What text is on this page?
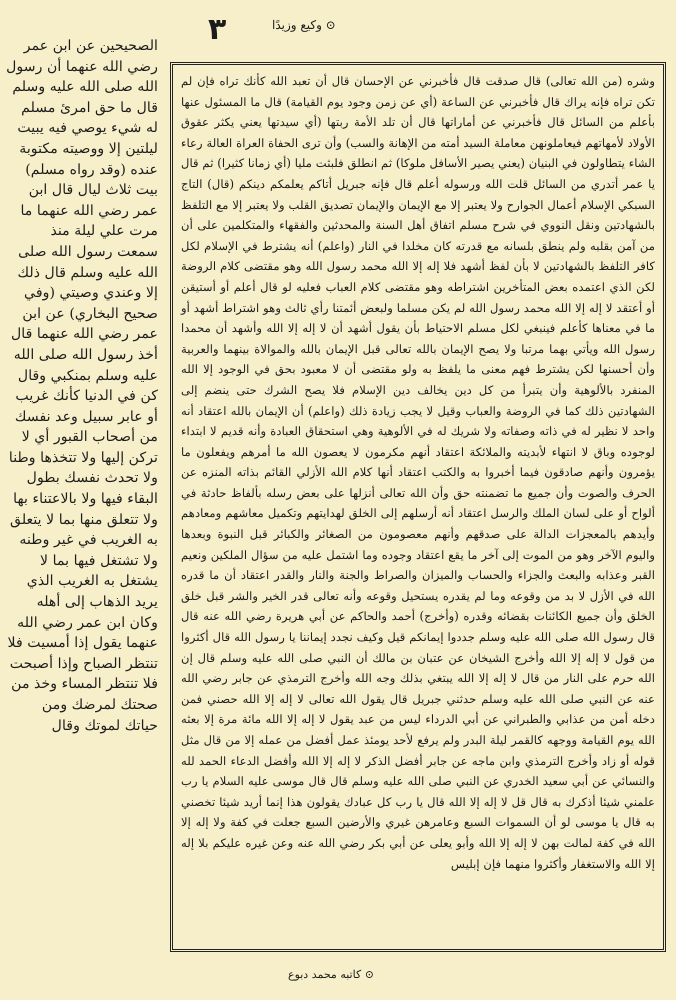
٣	⊙ وكيع وزيدًا
الصحيحين عن ابن عمر رضي الله عنهما أن رسول الله صلى الله عليه وسلم قال ما حق امرئ مسلم له شيء يوصي فيه يبيت ليلتين إلا ووصيته مكتوبة عنده (وقد رواه مسلم) بيت ثلاث ليال قال ابن عمر رضي الله عنهما ما مرت علي ليلة منذ سمعت رسول الله صلى الله عليه وسلم قال ذلك إلا وعندي وصيتي (وفي صحيح البخاري) عن ابن عمر رضي الله عنهما قال أخذ رسول الله صلى الله عليه وسلم بمنكبي وقال كن في الدنيا كأنك غريب أو عابر سبيل وعد نفسك من أصحاب القبور أي لا تركن إليها ولا تتخذها وطنا ولا تحدث نفسك بطول البقاء فيها ولا بالاعتناء بها ولا تتعلق منها بما لا يتعلق به الغريب في غير وطنه ولا تشتغل فيها بما لا يشتغل به الغريب الذي يريد الذهاب إلى أهله وكان ابن عمر رضي الله عنهما يقول إذا أمسيت فلا تنتظر الصباح وإذا أصبحت فلا تنتظر المساء وخذ من صحتك لمرضك ومن حياتك لموتك وقال
وشره (من الله تعالى) قال صدقت قال فأخبرني عن الإحسان قال أن تعبد الله كأنك تراه فإن لم تكن تراه فإنه يراك قال فأخبرني عن الساعة (أي عن زمن وجود يوم القيامة) قال ما المسئول عنها بأعلم من السائل قال فأخبرني عن أماراتها قال أن تلد الأمة ربتها (أي سيدتها يعني يكثر عقوق الأولاد لأمهاتهم فيعاملونهن معاملة السيد أمته من الإهانة والسب) وأن ترى الحفاة العراة العالة رعاء الشاء يتطاولون في البنيان (يعني يصير الأسافل ملوكا) ثم انطلق فلبثت مليا (أي زمانا كثيرا) ثم قال يا عمر أتدري من السائل قلت الله ورسوله أعلم قال فإنه جبريل أتاكم يعلمكم دينكم (قال) التاج السبكي الإسلام أعمال الجوارح ولا يعتبر إلا مع الإيمان والإيمان تصديق القلب ولا يعتبر إلا مع التلفظ بالشهادتين ونقل النووي في شرح مسلم اتفاق أهل السنة والمحدثين والفقهاء والمتكلمين على أن من آمن بقلبه ولم ينطق بلسانه مع قدرته كان مخلدا في النار (واعلم) أنه يشترط في الإسلام لكل كافر التلفظ بالشهادتين لا بأن لفظ أشهد فلا إله إلا الله محمد رسول الله وهو مقتضى كلام الروضة لكن الذي اعتمده بعض المتأخرين اشتراطه وهو مقتضى كلام العباب فعليه لو قال أعلم أو أستيقن أو أعتقد لا إله إلا الله محمد رسول الله لم يكن مسلما ولبعض أئمتنا رأي ثالث وهو اشتراط أشهد أو ما في معناها كأعلم فينبغي لكل مسلم الاحتياط بأن يقول أشهد أن لا إله إلا الله وأشهد أن محمدا رسول الله ويأتي بهما مرتبا ولا يصح الإيمان بالله تعالى قبل الإيمان بالله والموالاة بينهما والعربية وأن أحسنها لكن يشترط فهم معنى ما يلفظ به ولو مقتضى أن لا معبود بحق في الوجود إلا الله المنفرد بالألوهية وأن يتبرأ من كل دين يخالف دين الإسلام فلا يصح الشرك حتى ينضم إلى الشهادتين ذلك كما في الروضة والعباب وقيل لا يجب زيادة ذلك (واعلم) أن الإيمان بالله اعتقاد أنه واحد لا نظير له في ذاته وصفاته ولا شريك له في الألوهية وهي استحقاق العبادة وأنه قديم لا ابتداء لوجوده وباق لا انتهاء لأبديته والملائكة اعتقاد أنهم مكرمون لا يعصون الله ما أمرهم ويفعلون ما يؤمرون وأنهم صادقون فيما أخبروا به والكتب اعتقاد أنها كلام الله الأزلي القائم بذاته المنزه عن الحرف والصوت وأن جميع ما تضمنته حق وأن الله تعالى أنزلها على بعض رسله بألفاظ حادثة في ألواح أو على لسان الملك والرسل اعتقاد أنه أرسلهم إلى الخلق لهدايتهم وتكميل معاشهم ومعادهم وأيدهم بالمعجزات الدالة على صدقهم وأنهم معصومون من الصغائر والكبائر قبل النبوة وبعدها واليوم الآخر وهو من الموت إلى آخر ما يقع اعتقاد وجوده وما اشتمل عليه من سؤال الملكين ونعيم القبر وعذابه والبعث والجزاء والحساب والميزان والصراط والجنة والنار والقدر اعتقاد أن ما قدره الله في الأزل لا بد من وقوعه وما لم يقدره يستحيل وقوعه وأنه تعالى قدر الخير والشر قبل خلق الخلق وأن جميع الكائنات بقضائه وقدره (وأخرج) أحمد والحاكم عن أبي هريرة رضي الله عنه قال قال رسول الله صلى الله عليه وسلم جددوا إيمانكم قيل وكيف نجدد إيماننا يا رسول الله قال أكثروا من قول لا إله إلا الله وأخرج الشيخان عن عتبان بن مالك أن النبي صلى الله عليه وسلم قال إن الله حرم على النار من قال لا إله إلا الله يبتغي بذلك وجه الله وأخرج الترمذي عن جابر رضي الله عنه عن النبي صلى الله عليه وسلم حدثني جبريل قال يقول الله تعالى لا إله إلا الله حصني فمن دخله أمن من عذابي والطبراني عن أبي الدرداء ليس من عبد يقول لا إله إلا الله مائة مرة إلا بعثه الله يوم القيامة ووجهه كالقمر ليلة البدر ولم يرفع لأحد يومئذ عمل أفضل من عمله إلا من قال مثل قوله أو زاد وأخرج الترمذي وابن ماجه عن جابر أفضل الذكر لا إله إلا الله وأفضل الدعاء الحمد لله والنسائي عن أبي سعيد الخدري عن النبي صلى الله عليه وسلم قال قال موسى عليه السلام يا رب علمني شيئا أذكرك به قال قل لا إله إلا الله قال يا رب كل عبادك يقولون هذا إنما أريد شيئا تخصني به قال يا موسى لو أن السموات السبع وعامرهن غيري والأرضين السبع جعلت في كفة ولا إله إلا الله في كفة لمالت بهن لا إله إلا الله وأبو يعلى عن أبي بكر رضي الله عنه وعن غيره عليكم بلا إله إلا الله والاستغفار وأكثروا منهما فإن إبليس
⊙ كاتبه محمد دبوع
